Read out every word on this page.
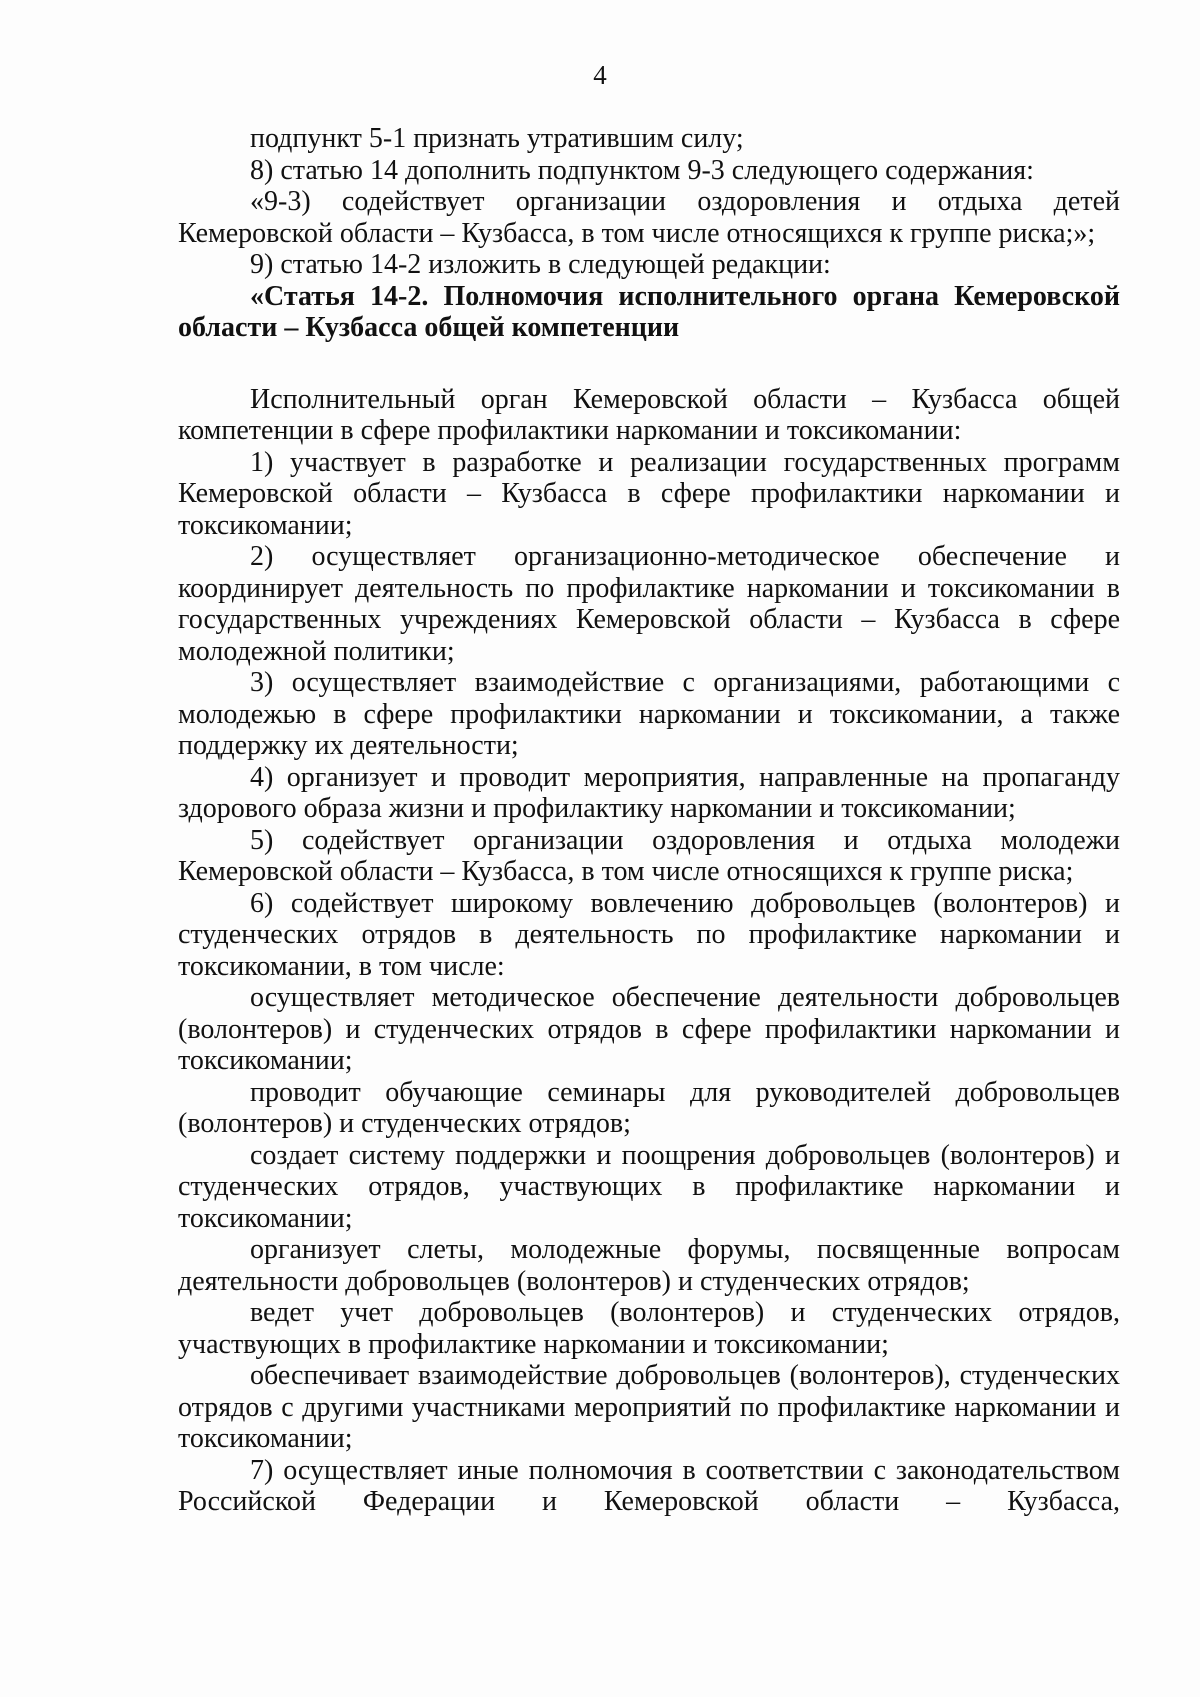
4

подпункт 5-1 признать утратившим силу;

8) статью 14 дополнить подпунктом 9-3 следующего содержания:

«9-3) содействует организации оздоровления и отдыха детей Кемеровской области – Кузбасса, в том числе относящихся к группе риска;»;

9) статью 14-2 изложить в следующей редакции:

«Статья 14-2. Полномочия исполнительного органа Кемеровской области – Кузбасса общей компетенции

Исполнительный орган Кемеровской области – Кузбасса общей компетенции в сфере профилактики наркомании и токсикомании:

1) участвует в разработке и реализации государственных программ Кемеровской области – Кузбасса в сфере профилактики наркомании и токсикомании;

2) осуществляет организационно-методическое обеспечение и координирует деятельность по профилактике наркомании и токсикомании в государственных учреждениях Кемеровской области – Кузбасса в сфере молодежной политики;

3) осуществляет взаимодействие с организациями, работающими с молодежью в сфере профилактики наркомании и токсикомании, а также поддержку их деятельности;

4) организует и проводит мероприятия, направленные на пропаганду здорового образа жизни и профилактику наркомании и токсикомании;

5) содействует организации оздоровления и отдыха молодежи Кемеровской области – Кузбасса, в том числе относящихся к группе риска;

6) содействует широкому вовлечению добровольцев (волонтеров) и студенческих отрядов в деятельность по профилактике наркомании и токсикомании, в том числе:

осуществляет методическое обеспечение деятельности добровольцев (волонтеров) и студенческих отрядов в сфере профилактики наркомании и токсикомании;

проводит обучающие семинары для руководителей добровольцев (волонтеров) и студенческих отрядов;

создает систему поддержки и поощрения добровольцев (волонтеров) и студенческих отрядов, участвующих в профилактике наркомании и токсикомании;

организует слеты, молодежные форумы, посвященные вопросам деятельности добровольцев (волонтеров) и студенческих отрядов;

ведет учет добровольцев (волонтеров) и студенческих отрядов, участвующих в профилактике наркомании и токсикомании;

обеспечивает взаимодействие добровольцев (волонтеров), студенческих отрядов с другими участниками мероприятий по профилактике наркомании и токсикомании;

7) осуществляет иные полномочия в соответствии с законодательством Российской Федерации и Кемеровской области – Кузбасса,
